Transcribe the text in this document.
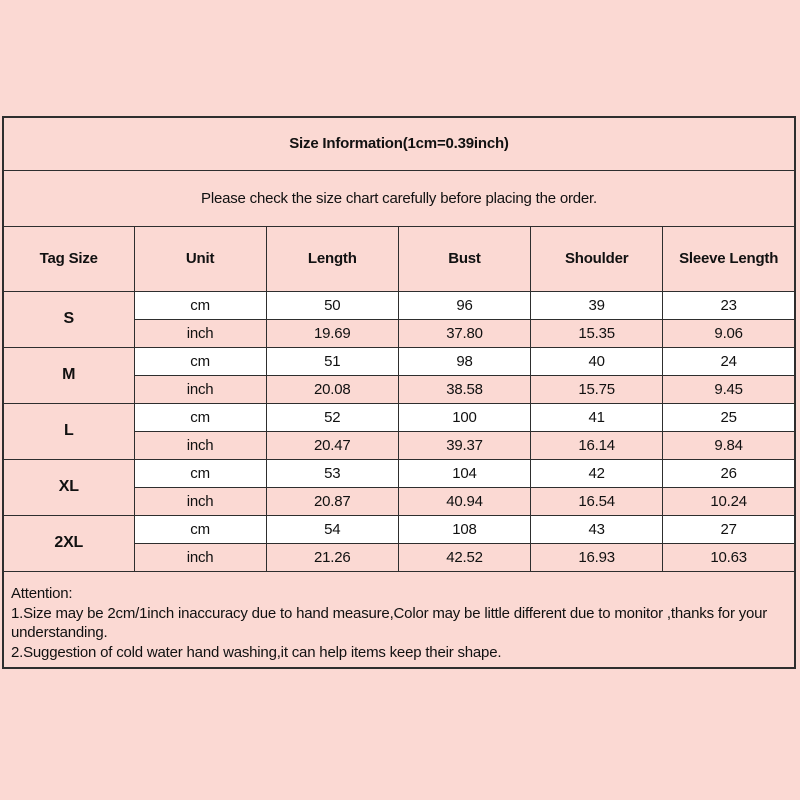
Size Information(1cm=0.39inch)					
Please check the size chart carefully before placing the order.					
Tag Size	Unit	Length	Bust	Shoulder	Sleeve Length
S	cm	50	96	39	23
	inch	19.69	37.80	15.35	9.06
M	cm	51	98	40	24
	inch	20.08	38.58	15.75	9.45
L	cm	52	100	41	25
	inch	20.47	39.37	16.14	9.84
XL	cm	53	104	42	26
	inch	20.87	40.94	16.54	10.24
2XL	cm	54	108	43	27
	inch	21.26	42.52	16.93	10.63

Attention:
1.Size may be 2cm/1inch inaccuracy due to hand measure,Color may be little different due to monitor ,thanks for your understanding.
2.Suggestion of cold water hand washing,it can help items keep their shape.					
